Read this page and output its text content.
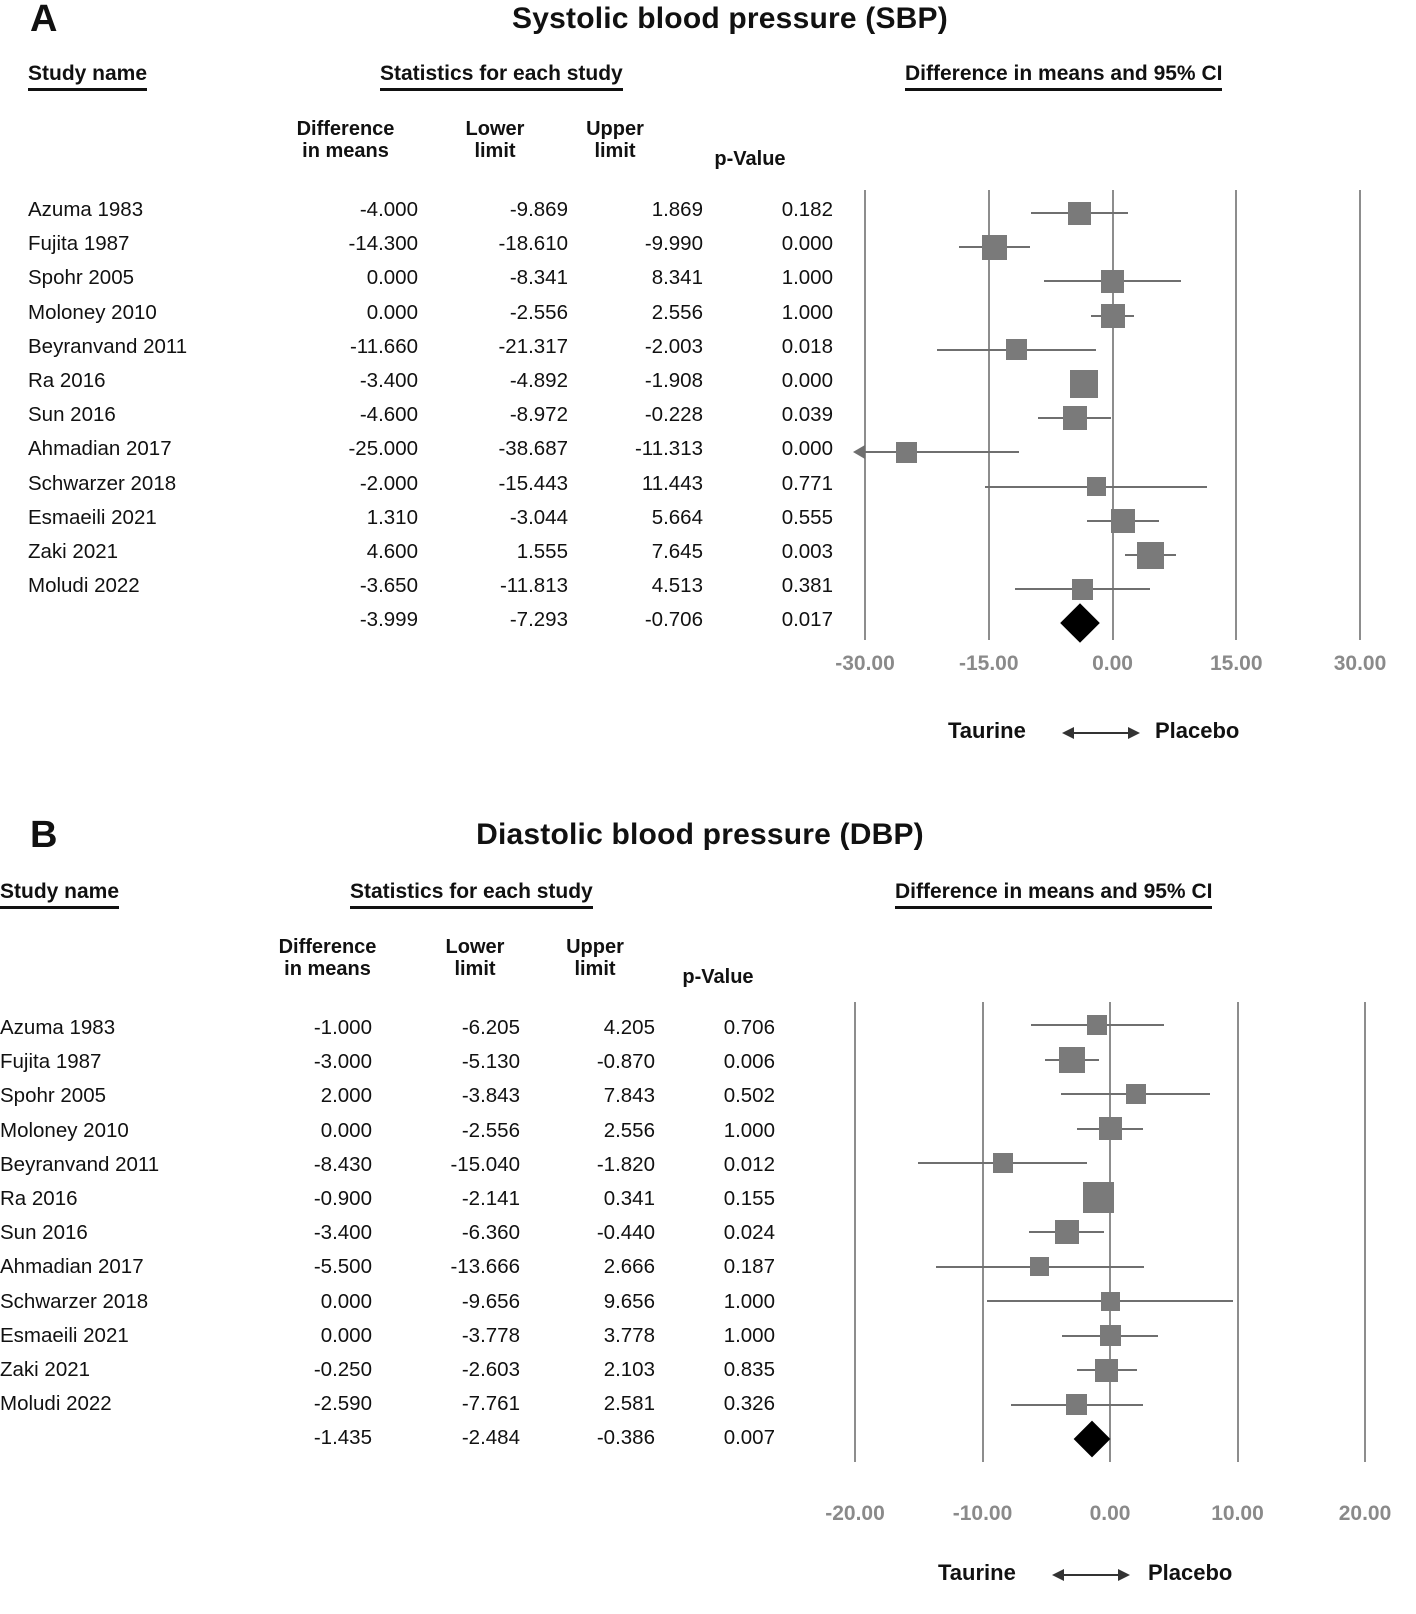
A	Systolic blood pressure (SBP)
Study name	Statistics for each study	Difference in means and 95% CI
Difference
in means
Lower
limit
Upper
limit	p-Value
Azuma 1983	-4.000	-9.869	1.869	0.182
Fujita 1987	-14.300	-18.610	-9.990	0.000
Spohr 2005	0.000	-8.341	8.341	1.000
Moloney 2010	0.000	-2.556	2.556	1.000
Beyranvand 2011	-11.660	-21.317	-2.003	0.018
Ra 2016	-3.400	-4.892	-1.908	0.000
Sun 2016	-4.600	-8.972	-0.228	0.039
Ahmadian 2017	-25.000	-38.687	-11.313	0.000
Schwarzer 2018	-2.000	-15.443	11.443	0.771
Esmaeili 2021	1.310	-3.044	5.664	0.555
Zaki 2021	4.600	1.555	7.645	0.003
Moludi 2022	-3.650	-11.813	4.513	0.381
-3.999	-7.293	-0.706	0.017
-30.00	-15.00	0.00	15.00	30.00
Taurine	Placebo
B	Diastolic blood pressure (DBP)
Study name	Statistics for each study	Difference in means and 95% CI
Difference
in means
Lower
limit
Upper
limit	p-Value
Azuma 1983	-1.000	-6.205	4.205	0.706
Fujita 1987	-3.000	-5.130	-0.870	0.006
Spohr 2005	2.000	-3.843	7.843	0.502
Moloney 2010	0.000	-2.556	2.556	1.000
Beyranvand 2011	-8.430	-15.040	-1.820	0.012
Ra 2016	-0.900	-2.141	0.341	0.155
Sun 2016	-3.400	-6.360	-0.440	0.024
Ahmadian 2017	-5.500	-13.666	2.666	0.187
Schwarzer 2018	0.000	-9.656	9.656	1.000
Esmaeili 2021	0.000	-3.778	3.778	1.000
Zaki 2021	-0.250	-2.603	2.103	0.835
Moludi 2022	-2.590	-7.761	2.581	0.326
-1.435	-2.484	-0.386	0.007
-20.00	-10.00	0.00	10.00	20.00
Taurine	Placebo
